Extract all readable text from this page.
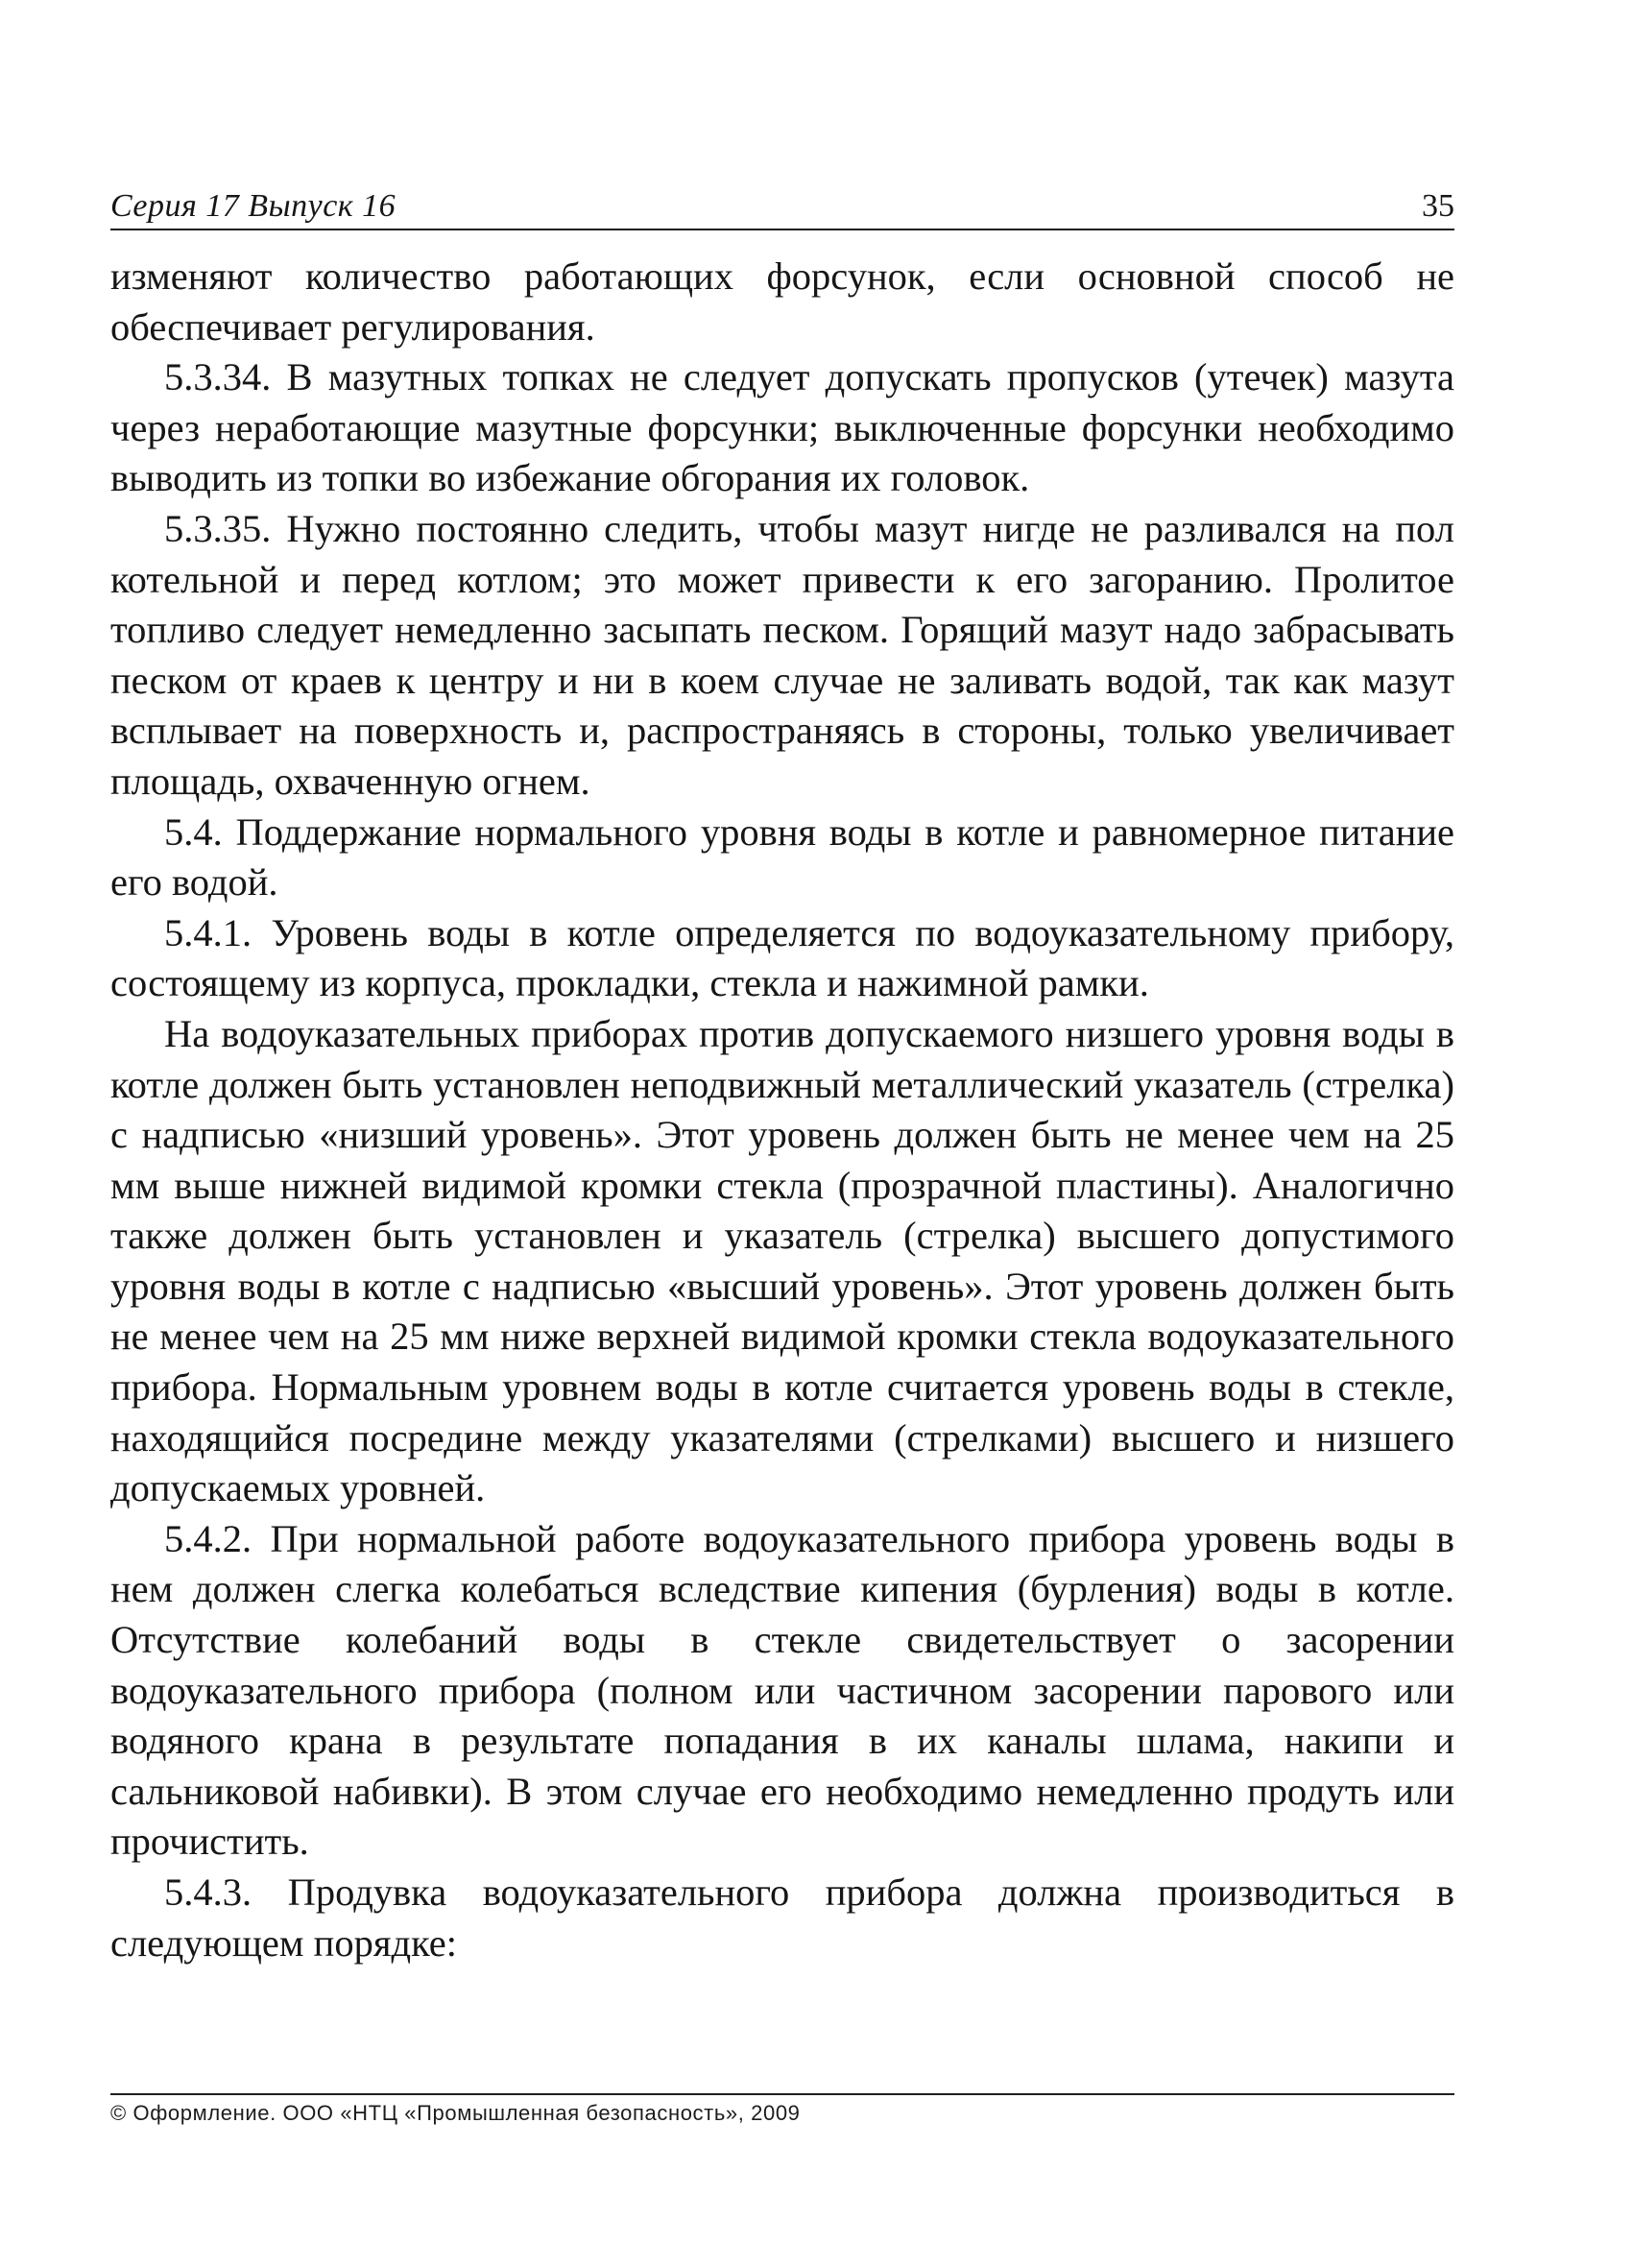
Серия 17 Выпуск 16	35

изменяют количество работающих форсунок, если основной способ не обеспечивает регулирования.

5.3.34. В мазутных топках не следует допускать пропусков (утечек) мазута через неработающие мазутные форсунки; выключенные форсунки необходимо выводить из топки во избежание обгорания их головок.

5.3.35. Нужно постоянно следить, чтобы мазут нигде не разливался на пол котельной и перед котлом; это может привести к его загоранию. Пролитое топливо следует немедленно засыпать песком. Горящий мазут надо забрасывать песком от краев к центру и ни в коем случае не заливать водой, так как мазут всплывает на поверхность и, распространяясь в стороны, только увеличивает площадь, охваченную огнем.

5.4. Поддержание нормального уровня воды в котле и равномерное питание его водой.

5.4.1. Уровень воды в котле определяется по водоуказательному прибору, состоящему из корпуса, прокладки, стекла и нажимной рамки.

На водоуказательных приборах против допускаемого низшего уровня воды в котле должен быть установлен неподвижный металлический указатель (стрелка) с надписью «низший уровень». Этот уровень должен быть не менее чем на 25 мм выше нижней видимой кромки стекла (прозрачной пластины). Аналогично также должен быть установлен и указатель (стрелка) высшего допустимого уровня воды в котле с надписью «высший уровень». Этот уровень должен быть не менее чем на 25 мм ниже верхней видимой кромки стекла водоуказательного прибора. Нормальным уровнем воды в котле считается уровень воды в стекле, находящийся посредине между указателями (стрелками) высшего и низшего допускаемых уровней.

5.4.2. При нормальной работе водоуказательного прибора уровень воды в нем должен слегка колебаться вследствие кипения (бурления) воды в котле. Отсутствие колебаний воды в стекле свидетельствует о засорении водоуказательного прибора (полном или частичном засорении парового или водяного крана в результате попадания в их каналы шлама, накипи и сальниковой набивки). В этом случае его необходимо немедленно продуть или прочистить.

5.4.3. Продувка водоуказательного прибора должна производиться в следующем порядке:

© Оформление. ООО «НТЦ «Промышленная безопасность», 2009
